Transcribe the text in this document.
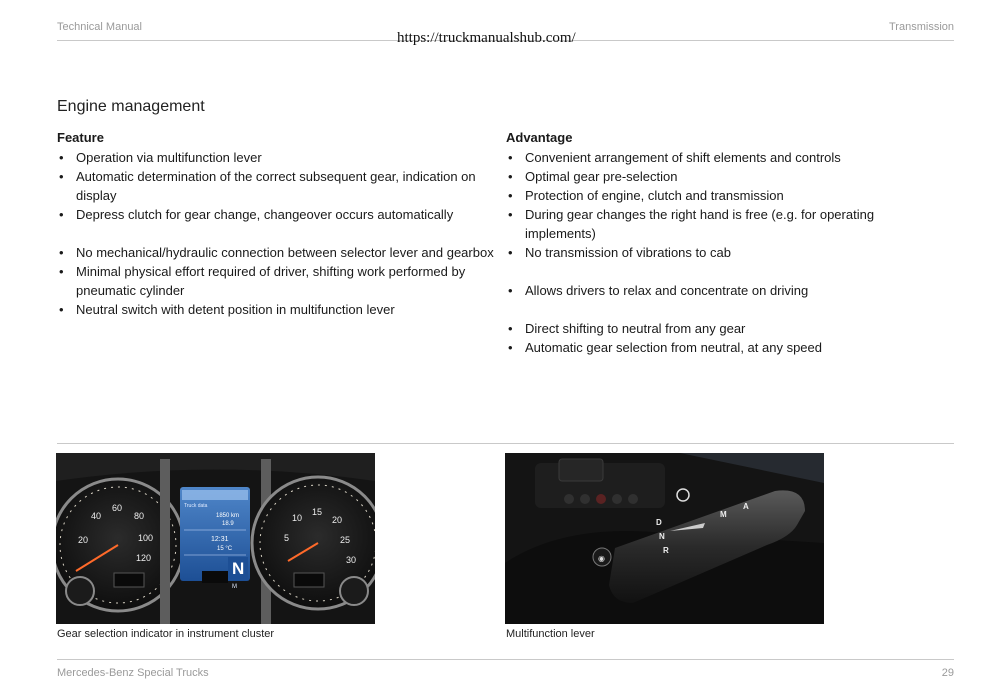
Technical Manual	Transmission
https://truckmanualshub.com/
Engine management
Feature
• Operation via multifunction lever
• Automatic determination of the correct subsequent gear, indication on display
• Depress clutch for gear change, changeover occurs automatically
• No mechanical/hydraulic connection between selector lever and gearbox
• Minimal physical effort required of driver, shifting work performed by pneumatic cylinder
• Neutral switch with detent position in multifunction lever
Advantage
• Convenient arrangement of shift elements and controls
• Optimal gear pre-selection
• Protection of engine, clutch and transmission
• During gear changes the right hand is free (e.g. for operating implements)
• No transmission of vibrations to cab
• Allows drivers to relax and concentrate on driving
• Direct shifting to neutral from any gear
• Automatic gear selection from neutral, at any speed
20
40
60
80
100
120
Truck data
1850 km
18.9
12:31
15 °C
N
M
5
10
15
20
25
30
Gear selection indicator in instrument cluster
◉
D
N
R
M
A
Multifunction lever
Mercedes-Benz Special Trucks	29
